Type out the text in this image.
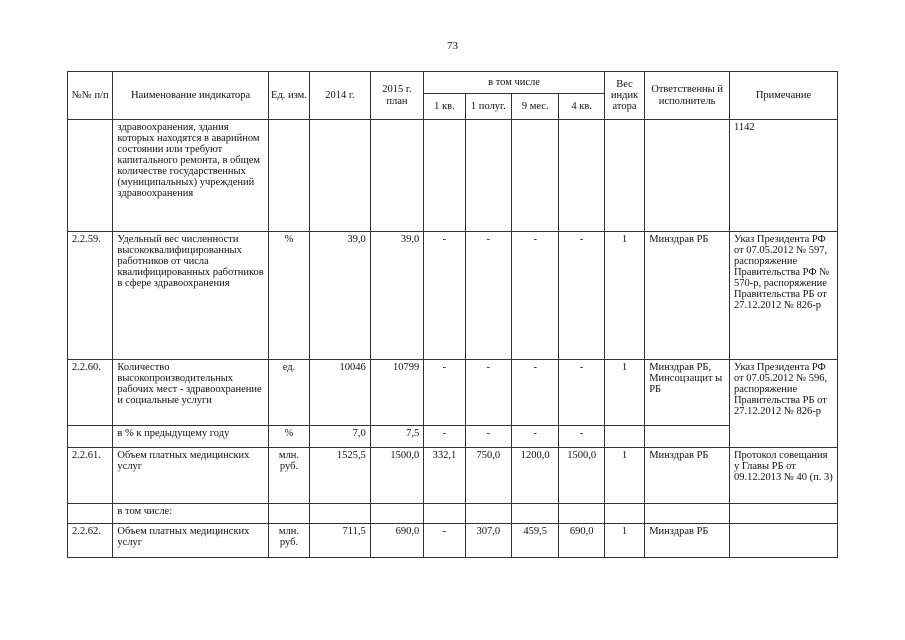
73
№№ п/п	Наименование индикатора	Ед. изм.	2014 г.	2015 г. план	в том числе				Вес индик атора	Ответственны й исполнитель	Примечание
					1 кв.	1 полуг.	9 мес.	4 кв.			
	здравоохранения, здания которых находятся в аварийном состоянии или требуют капитального ремонта, в общем количестве государственных (муниципальных) учреждений здравоохранения										1142
2.2.59.	Удельный вес численности высококвалифицированных работников от числа квалифицированных работников в сфере здравоохранения	%	39,0	39,0	-	-	-	-	1	Минздрав РБ	Указ Президента РФ от 07.05.2012 № 597, распоряжение Правительства РФ № 570-р, распоряжение Правительства РБ от 27.12.2012 № 826-р
2.2.60.	Количество высокопроизводительных рабочих мест - здравоохранение и социальные услуги	ед.	10046	10799	-	-	-	-	1	Минздрав РБ, Минсоцзащит ы РБ	Указ Президента РФ от 07.05.2012 № 596, распоряжение Правительства РБ от 27.12.2012 № 826-р
	в % к предыдущему году	%	7,0	7,5	-	-	-	-			
2.2.61.	Объем платных медицинских услуг	млн. руб.	1525,5	1500,0	332,1	750,0	1200,0	1500,0	1	Минздрав РБ	Протокол совещания у Главы РБ от 09.12.2013 № 40 (п. 3)
	в том числе:										
2.2.62.	Объем платных медицинских услуг	млн. руб.	711,5	690,0	-	307,0	459,5	690,0	1	Минздрав РБ	
